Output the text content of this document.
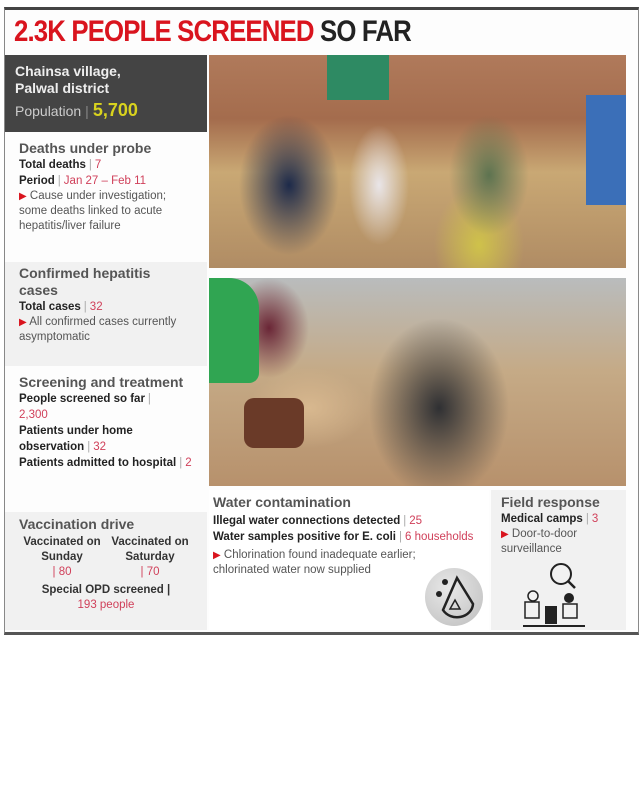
2.3K PEOPLE SCREENED SO FAR
Chainsa village,
Palwal district
Population | 5,700
Deaths under probe
Total deaths | 7
Period | Jan 27 – Feb 11
▶ Cause under investigation; some deaths linked to acute hepatitis/liver failure
Confirmed hepatitis cases
Total cases | 32
▶ All confirmed cases currently asymptomatic
Screening and treatment
People screened so far |
2,300
Patients under home observation | 32
Patients admitted to hospital | 2
Vaccination drive
Vaccinated on Sunday
| 80
Vaccinated on Saturday
| 70
Special OPD screened |
193 people
Water contamination
Illegal water connections detected | 25
Water samples positive for E. coli | 6 households
▶ Chlorination found inadequate earlier; chlorinated water now supplied
Field response
Medical camps | 3
▶ Door-to-door surveillance
